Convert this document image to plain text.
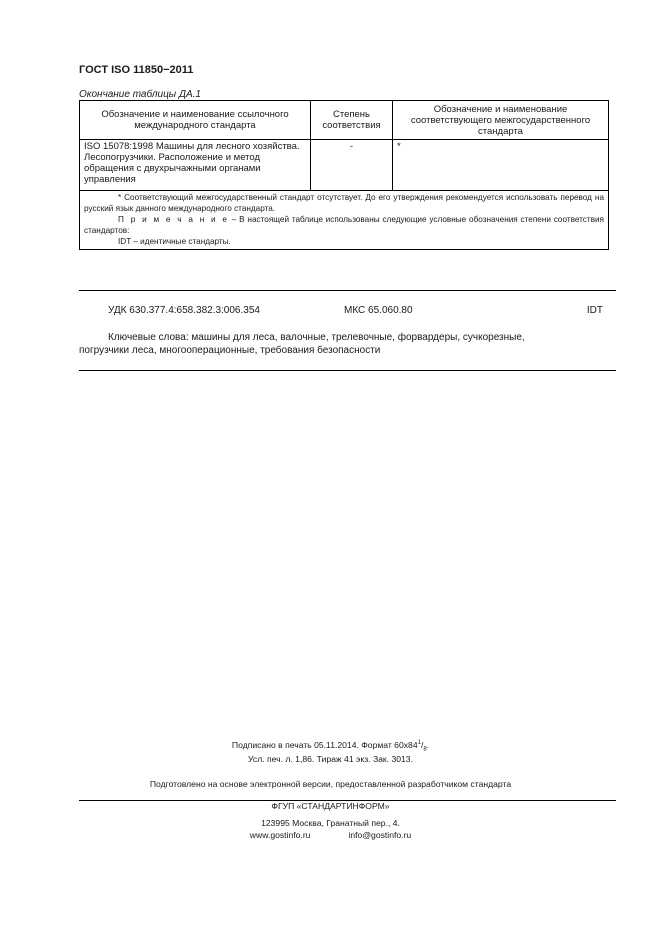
ГОСТ ISO 11850−2011
Окончание таблицы ДА.1
Обозначение и наименование ссылочного международного стандарта	Степень соответствия	Обозначение и наименование соответствующего межгосударственного стандарта
ISO 15078:1998 Машины для лесного хозяйства. Лесопогрузчики. Расположение и метод обращения с двухрычажными органами управления	-	*

* Соответствующий межгосударственный стандарт отсутствует. До его утверждения рекомендуется использовать перевод на русский язык данного международного стандарта.

П р и м е ч а н и е – В настоящей таблице использованы следующие условные обозначения степени соответствия стандартов:

IDT – идентичные стандарты.		

УДК 630.377.4:658.382.3:006.354	МКС 65.060.80	IDT
Ключевые слова: машины для леса, валочные, трелевочные, форвардеры, сучкорезные,
погрузчики леса, многооперационные, требования безопасности
Подписано в печать 05.11.2014. Формат $60х84^1/_8$.
Усл. печ. л. 1,86. Тираж 41 экз. Зак. 3013.
Подготовлено на основе электронной версии, предоставленной разработчиком стандарта
ФГУП «СТАНДАРТИНФОРМ»
123995 Москва, Гранатный пер., 4.
www.gostinfo.ru	info@gostinfo.ru
